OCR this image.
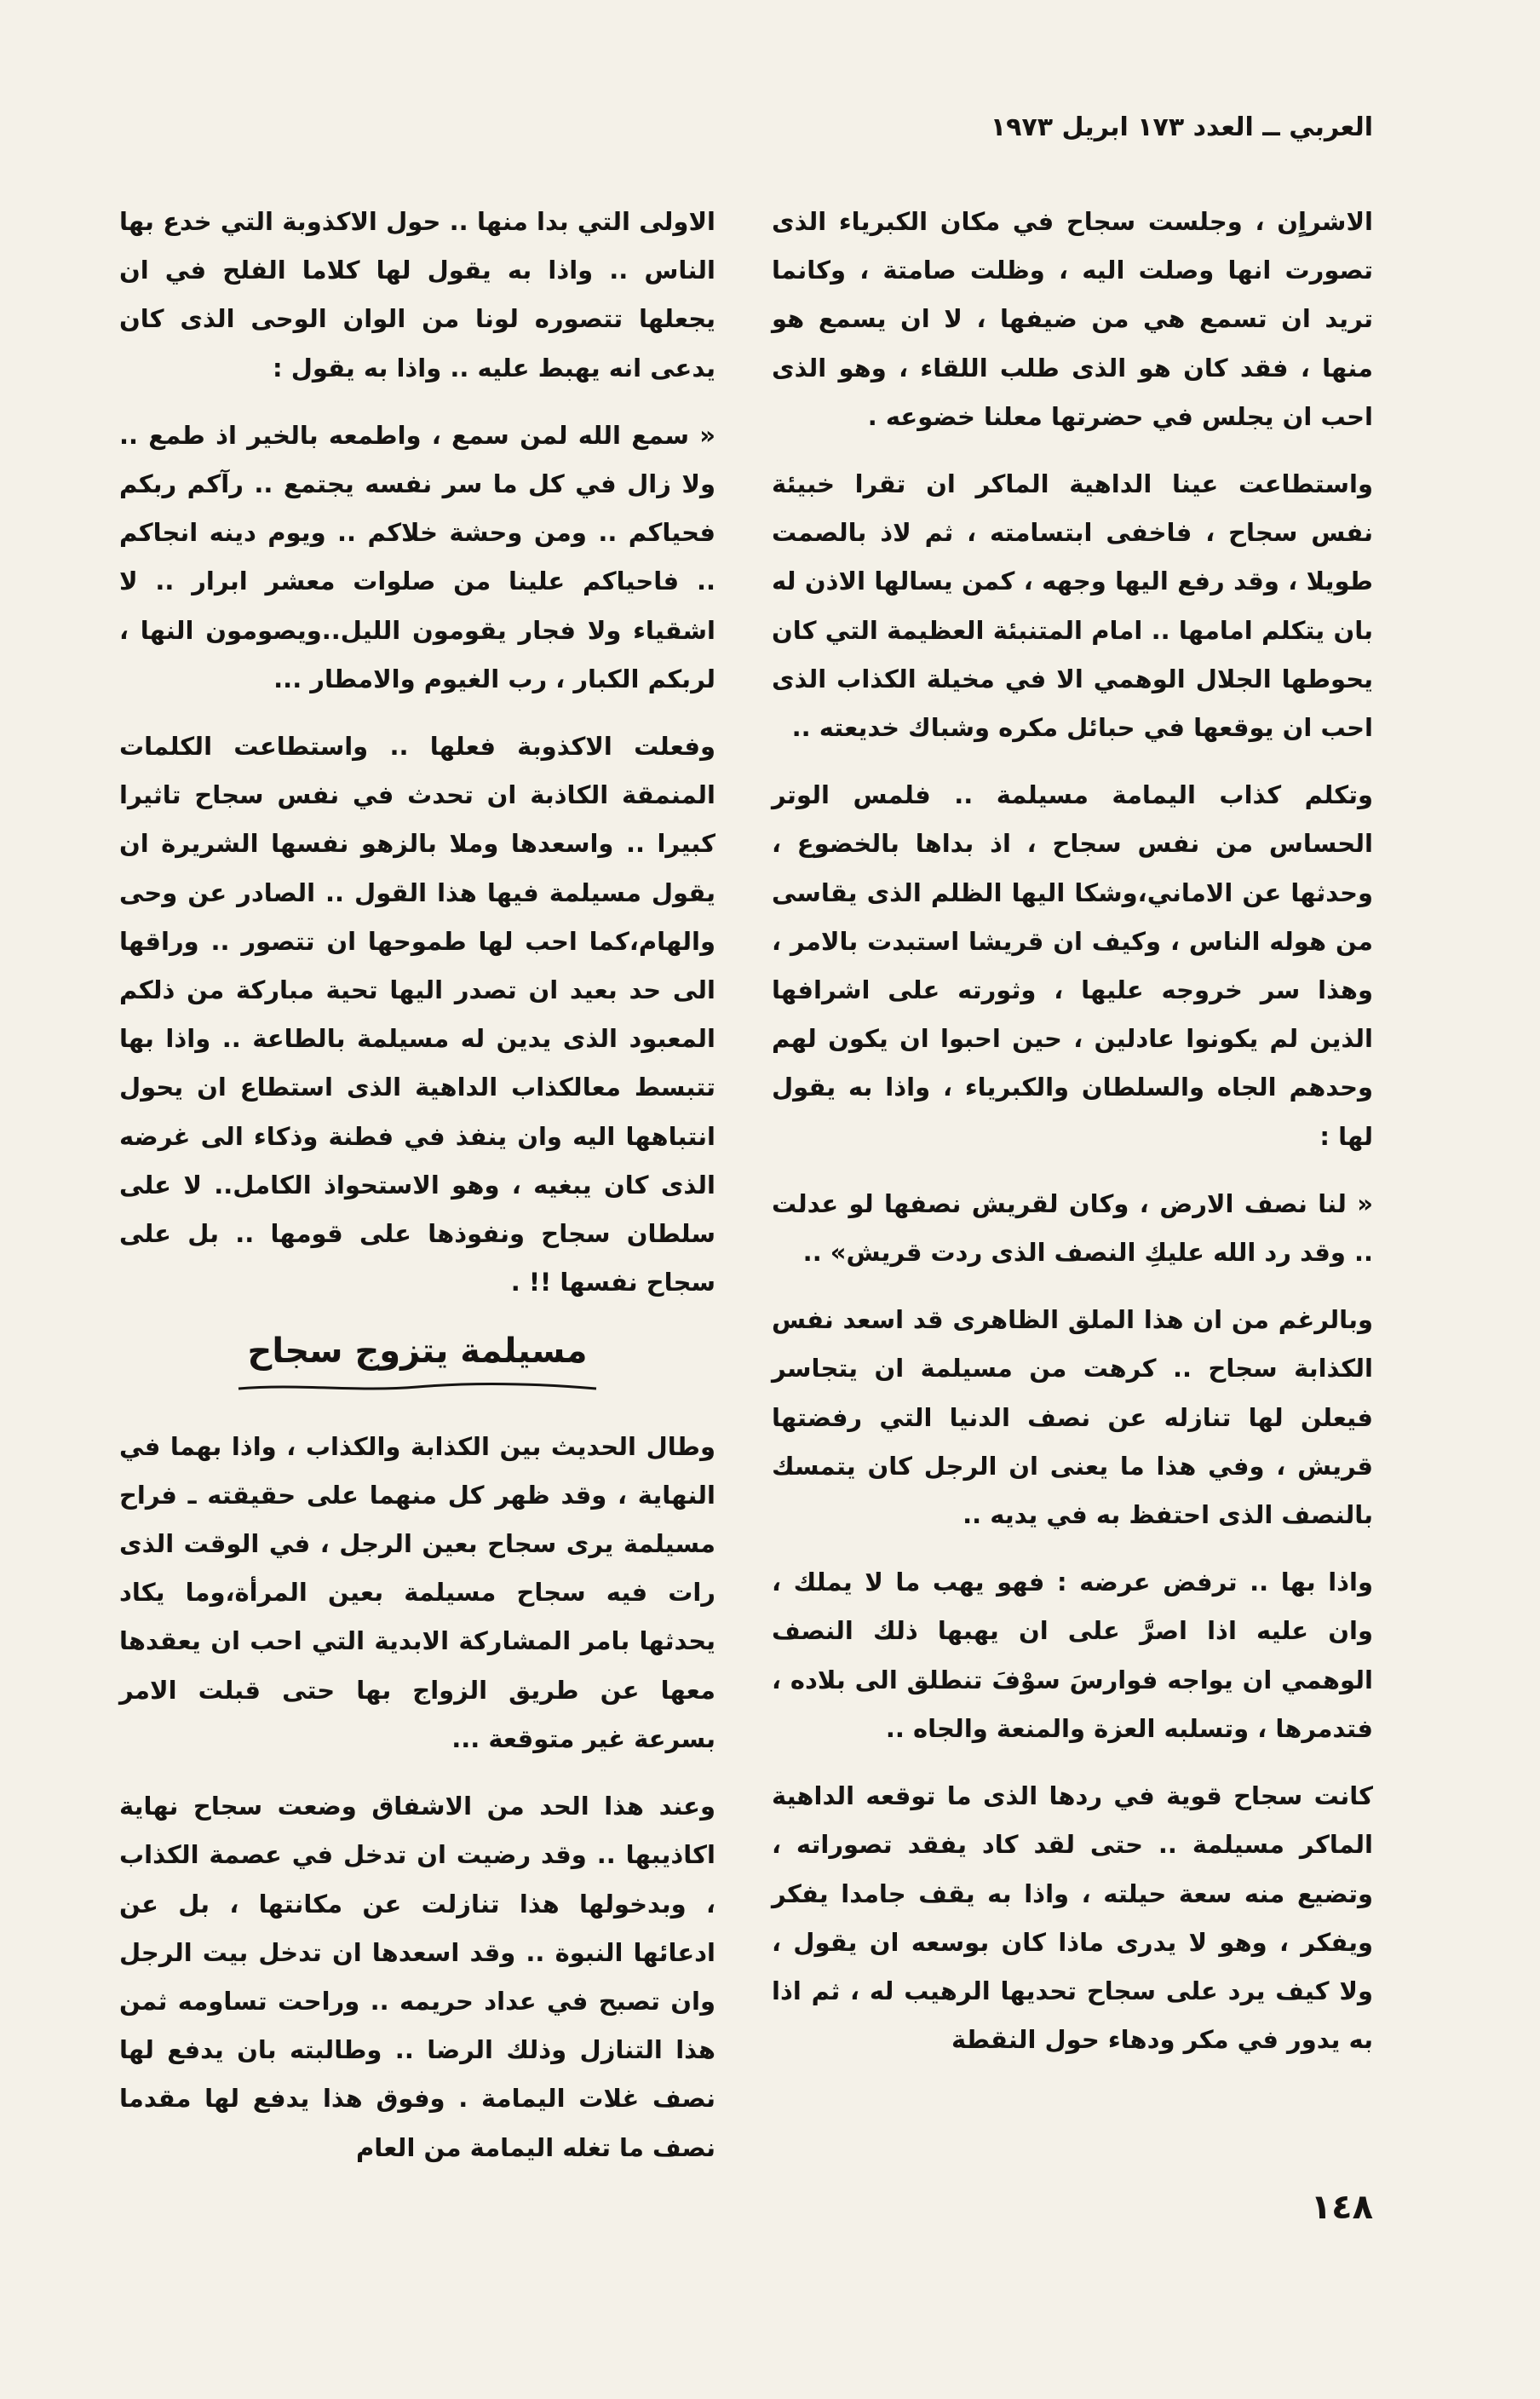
العربي ــ العدد ١٧٣ ابريل ١٩٧٣

الاشراٍن ، وجلست سجاح في مكان الكبرياء الذى تصورت انها وصلت اليه ، وظلت صامتة ، وكانما تريد ان تسمع هي من ضيفها ، لا ان يسمع هو منها ، فقد كان هو الذى طلب اللقاء ، وهو الذى احب ان يجلس في حضرتها معلنا خضوعه .

واستطاعت عينا الداهية الماكر ان تقرا خبيئة نفس سجاح ، فاخفى ابتسامته ، ثم لاذ بالصمت طويلا ، وقد رفع اليها وجهه ، كمن يسالها الاذن له بان يتكلم امامها .. امام المتنبئة العظيمة التي كان يحوطها الجلال الوهمي الا في مخيلة الكذاب الذى احب ان يوقعها في حبائل مكره وشباك خديعته ..

وتكلم كذاب اليمامة مسيلمة .. فلمس الوتر الحساس من نفس سجاح ، اذ بداها بالخضوع ، وحدثها عن الاماني،وشكا اليها الظلم الذى يقاسى من هوله الناس ، وكيف ان قريشا استبدت بالامر ، وهذا سر خروجه عليها ، وثورته على اشرافها الذين لم يكونوا عادلين ، حين احبوا ان يكون لهم وحدهم الجاه والسلطان والكبرياء ، واذا به يقول لها :

« لنا نصف الارض ، وكان لقريش نصفها لو عدلت .. وقد رد الله عليكِ النصف الذى ردت قريش» ..

وبالرغم من ان هذا الملق الظاهرى قد اسعد نفس الكذابة سجاح .. كرهت من مسيلمة ان يتجاسر فيعلن لها تنازله عن نصف الدنيا التي رفضتها قريش ، وفي هذا ما يعنى ان الرجل كان يتمسك بالنصف الذى احتفظ به في يديه ..

واذا بها .. ترفض عرضه : فهو يهب ما لا يملك ، وان عليه اذا اصرَّ على ان يهبها ذلك النصف الوهمي ان يواجه فوارسَ سوْفَ تنطلق الى بلاده ، فتدمرها ، وتسلبه العزة والمنعة والجاه ..

كانت سجاح قوية في ردها الذى ما توقعه الداهية الماكر مسيلمة .. حتى لقد كاد يفقد تصوراته ، وتضيع منه سعة حيلته ، واذا به يقف جامدا يفكر ويفكر ، وهو لا يدرى ماذا كان بوسعه ان يقول ، ولا كيف يرد على سجاح تحديها الرهيب له ، ثم اذا به يدور في مكر ودهاء حول النقطة

الاولى التي بدا منها .. حول الاكذوبة التي خدع بها الناس .. واذا به يقول لها كلاما الفلح في ان يجعلها تتصوره لونا من الوان الوحى الذى كان يدعى انه يهبط عليه .. واذا به يقول :

« سمع الله لمن سمع ، واطمعه بالخير اذ طمع .. ولا زال في كل ما سر نفسه يجتمع .. رآكم ربكم فحياكم .. ومن وحشة خلاكم .. ويوم دينه انجاكم .. فاحياكم علينا من صلوات معشر ابرار .. لا اشقياء ولا فجار يقومون الليل..ويصومون النها ، لربكم الكبار ، رب الغيوم والامطار ...

وفعلت الاكذوبة فعلها .. واستطاعت الكلمات المنمقة الكاذبة ان تحدث في نفس سجاح تاثيرا كبيرا .. واسعدها وملا بالزهو نفسها الشريرة ان يقول مسيلمة فيها هذا القول .. الصادر عن وحى والهام،كما احب لها طموحها ان تتصور .. وراقها الى حد بعيد ان تصدر اليها تحية مباركة من ذلكم المعبود الذى يدين له مسيلمة بالطاعة .. واذا بها تتبسط معالكذاب الداهية الذى استطاع ان يحول انتباهها اليه وان ينفذ في فطنة وذكاء الى غرضه الذى كان يبغيه ، وهو الاستحواذ الكامل.. لا على سلطان سجاح ونفوذها على قومها .. بل على سجاح نفسها !! .

مسيلمة يتزوج سجاح

وطال الحديث بين الكذابة والكذاب ، واذا بهما في النهاية ، وقد ظهر كل منهما على حقيقته ـ فراح مسيلمة يرى سجاح بعين الرجل ، في الوقت الذى رات فيه سجاح مسيلمة بعين المرأة،وما يكاد يحدثها بامر المشاركة الابدية التي احب ان يعقدها معها عن طريق الزواج بها حتى قبلت الامر بسرعة غير متوقعة ...

وعند هذا الحد من الاشفاق وضعت سجاح نهاية اكاذيبها .. وقد رضيت ان تدخل في عصمة الكذاب ، وبدخولها هذا تنازلت عن مكانتها ، بل عن ادعائها النبوة .. وقد اسعدها ان تدخل بيت الرجل وان تصبح في عداد حريمه .. وراحت تساومه ثمن هذا التنازل وذلك الرضا .. وطالبته بان يدفع لها نصف غلات اليمامة . وفوق هذا يدفع لها مقدما نصف ما تغله اليمامة من العام

١٤٨
